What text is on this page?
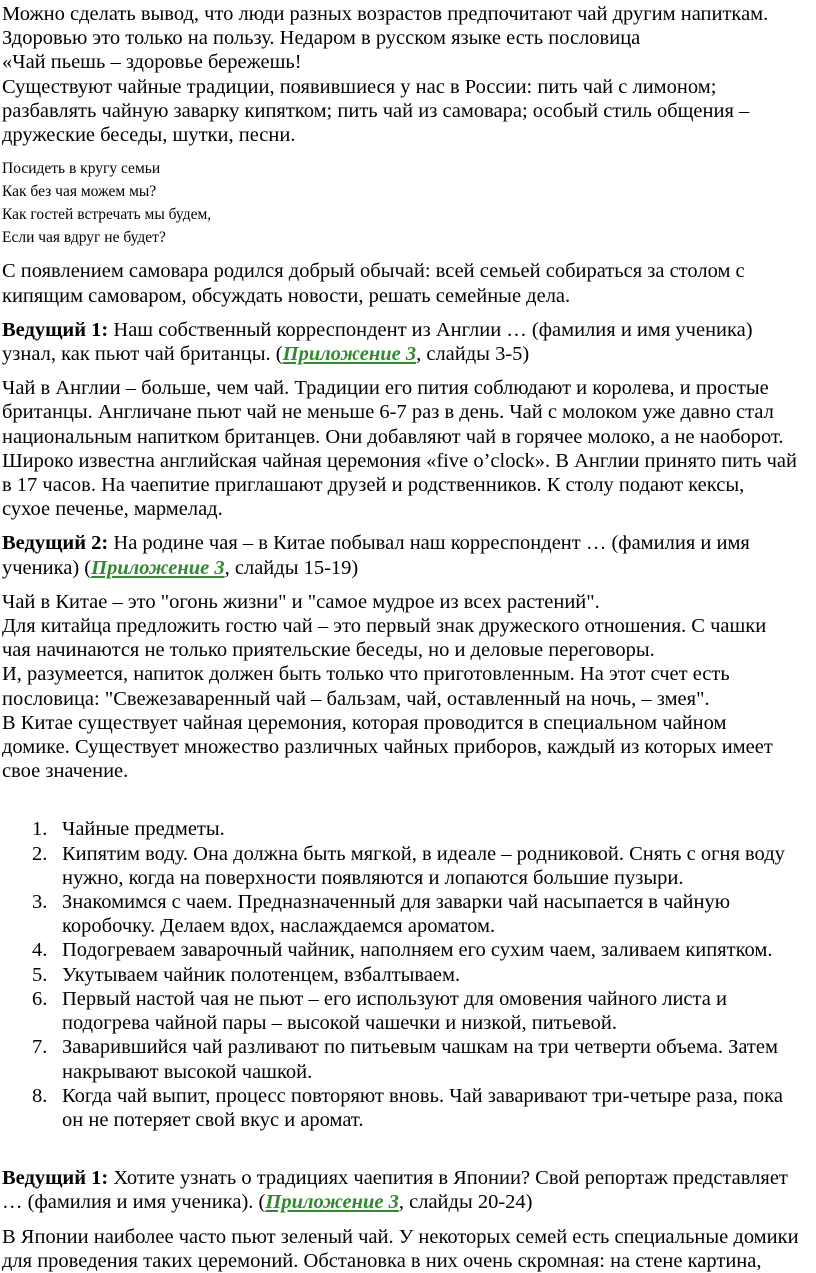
Можно сделать вывод, что люди разных возрастов предпочитают чай другим напиткам.

Здоровью это только на пользу. Недаром в русском языке есть пословица

«Чай пьешь – здоровье бережешь!

Существуют чайные традиции, появившиеся у нас в России: пить чай с лимоном;

разбавлять чайную заварку кипятком; пить чай из самовара; особый стиль общения –

дружеские беседы, шутки, песни.

Посидеть в кругу семьи

Как без чая можем мы?

Как гостей встречать мы будем,

Если чая вдруг не будет?

С появлением самовара родился добрый обычай: всей семьей собираться за столом с

кипящим самоваром, обсуждать новости, решать семейные дела.

Ведущий 1: Наш собственный корреспондент из Англии … (фамилия и имя ученика)

узнал, как пьют чай британцы. (Приложение 3, слайды 3-5)

Чай в Англии – больше, чем чай. Традиции его пития соблюдают и королева, и простые

британцы. Англичане пьют чай не меньше 6-7 раз в день. Чай с молоком уже давно стал

национальным напитком британцев. Они добавляют чай в горячее молоко, а не наоборот.

Широко известна английская чайная церемония «five o’clock». В Англии принято пить чай

в 17 часов. На чаепитие приглашают друзей и родственников. К столу подают кексы,

сухое печенье, мармелад.

Ведущий 2: На родине чая – в Китае побывал наш корреспондент … (фамилия и имя

ученика) (Приложение 3, слайды 15-19)

Чай в Китае – это "огонь жизни" и "самое мудрое из всех растений".

Для китайца предложить гостю чай – это первый знак дружеского отношения. С чашки

чая начинаются не только приятельские беседы, но и деловые переговоры.

И, разумеется, напиток должен быть только что приготовленным. На этот счет есть

пословица: "Свежезаваренный чай – бальзам, чай, оставленный на ночь, – змея".

В Китае существует чайная церемония, которая проводится в специальном чайном

домике. Существует множество различных чайных приборов, каждый из которых имеет

свое значение.

1. Чайные предметы.
2. Кипятим воду. Она должна быть мягкой, в идеале – родниковой. Снять с огня воду
нужно, когда на поверхности появляются и лопаются большие пузыри.
3. Знакомимся с чаем. Предназначенный для заварки чай насыпается в чайную
коробочку. Делаем вдох, наслаждаемся ароматом.
4. Подогреваем заварочный чайник, наполняем его сухим чаем, заливаем кипятком.
5. Укутываем чайник полотенцем, взбалтываем.
6. Первый настой чая не пьют – его используют для омовения чайного листа и
подогрева чайной пары – высокой чашечки и низкой, питьевой.
7. Заварившийся чай разливают по питьевым чашкам на три четверти объема. Затем
накрывают высокой чашкой.
8. Когда чай выпит, процесс повторяют вновь. Чай заваривают три-четыре раза, пока
он не потеряет свой вкус и аромат.

Ведущий 1: Хотите узнать о традициях чаепития в Японии? Свой репортаж представляет

… (фамилия и имя ученика). (Приложение 3, слайды 20-24)

В Японии наиболее часто пьют зеленый чай. У некоторых семей есть специальные домики

для проведения таких церемоний. Обстановка в них очень скромная: на стене картина,
